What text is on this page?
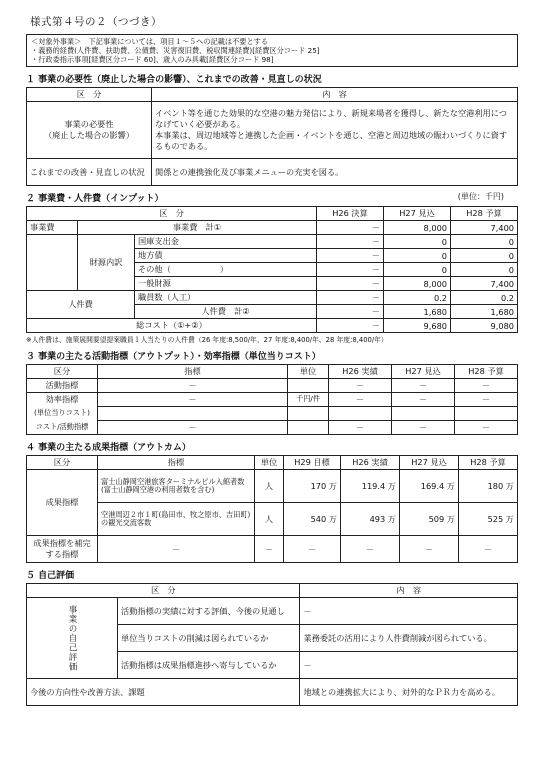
様式第４号の２（つづき）
＜対象外事業＞　下記事業については、項目１～５への記載は不要とする
・義務的経費(人件費、扶助費、公債費、災害復旧費、税収関連経費)[経費区分コード 25]
・行政委指示事項[経費区分コード 60]、歳入のみ具載[経費区分コード 98]
１ 事業の必要性（廃止した場合の影響）、これまでの改善・見直しの状況
区　分	内　容
事業の必要性
（廃止した場合の影響）	イベント等を通じた効果的な空港の魅力発信により、新規来場者を獲得し、新たな空港利用につなげていく必要がある。
本事業は、周辺地域等と連携した企画・イベントを通じ、空港と周辺地域の賑わいづくりに資するものである。
これまでの改善・見直しの状況	関係との連携強化及び事業メニューの充実を図る。
２ 事業費・人件費（インプット）	(単位：千円)
区　分			H26 決算	H27 見込	H28 予算
事業費	事業費　計①		－	8,000	7,400
	財源内訳	国庫支出金	－	0	0
		地方債	－	0	0
		その他（　　　　　　）	－	0	0
		一般財源	－	8,000	7,400
人件費		職員数（人工）	－	0.2	0.2
		人件費　計②	－	1,680	1,680
総コスト（①+②）			－	9,680	9,080
※人件費は、施策展開要望提案職員１人当たりの人件費（26 年度:8,500/年、27 年度:8,400/年、28 年度:8,400/年）
３ 事業の主たる活動指標（アウトプット）・効率指標（単位当りコスト）
区分	指標	単位	H26 実績	H27 見込	H28 予算
活動指標	－		－	－	－
効率指標	－	千円/件	－	－	－
(単位当りコスト)					
コスト/活動指標	－		－	－	－
４ 事業の主たる成果指標（アウトカム）
区分	指標	単位	H29 目標	H26 実績	H27 見込	H28 予算
成果指標	富士山静岡空港旅客ターミナルビル入館者数(富士山静岡空港の利用者数を含む)	人	170 万	119.4 万	169.4 万	180 万
	空港周辺２市１町(島田市、牧之原市、吉田町)の観光交流客数	人	540 万	493 万	509 万	525 万
成果指標を補完する指標	－	－	－	－	－	－
５ 自己評価
区　分		内　容
事業の自己評価	活動指標の実績に対する評価、今後の見通し	－
	単位当りコストの削減は図られているか	業務委託の活用により人件費削減が図られている。
	活動指標は成果指標進捗へ寄与しているか	－
今後の方向性や改善方法、課題		地域との連携拡大により、対外的なＰＲ力を高める。
